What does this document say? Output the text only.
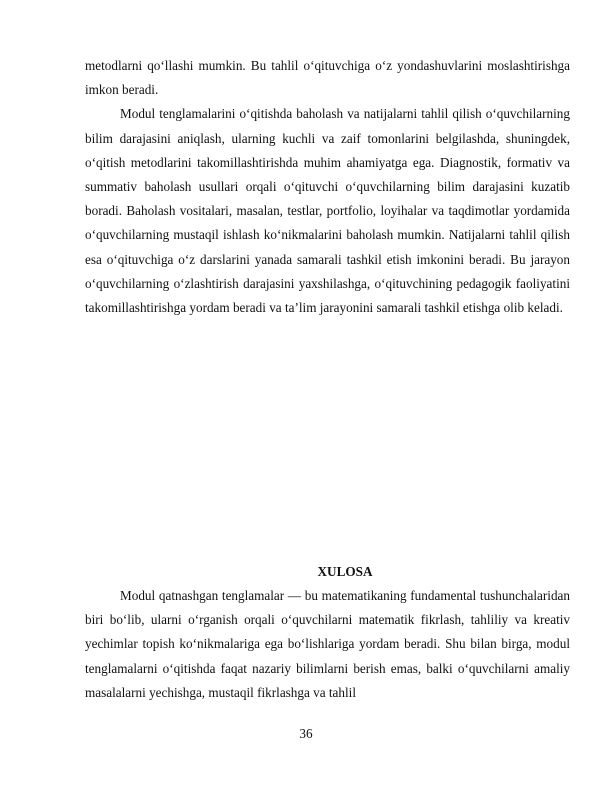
metodlarni qo‘llashi mumkin. Bu tahlil o‘qituvchiga o‘z yondashuvlarini moslashtirishga imkon beradi.

Modul tenglamalarini o‘qitishda baholash va natijalarni tahlil qilish o‘quvchilarning bilim darajasini aniqlash, ularning kuchli va zaif tomonlarini belgilashda, shuningdek, o‘qitish metodlarini takomillashtirishda muhim ahamiyatga ega. Diagnostik, formativ va summativ baholash usullari orqali o‘qituvchi o‘quvchilarning bilim darajasini kuzatib boradi. Baholash vositalari, masalan, testlar, portfolio, loyihalar va taqdimotlar yordamida o‘quvchilarning mustaqil ishlash ko‘nikmalarini baholash mumkin. Natijalarni tahlil qilish esa o‘qituvchiga o‘z darslarini yanada samarali tashkil etish imkonini beradi. Bu jarayon o‘quvchilarning o‘zlashtirish darajasini yaxshilashga, o‘qituvchining pedagogik faoliyatini takomillashtirishga yordam beradi va ta’lim jarayonini samarali tashkil etishga olib keladi.

XULOSA

Modul qatnashgan tenglamalar — bu matematikaning fundamental tushunchalaridan biri bo‘lib, ularni o‘rganish orqali o‘quvchilarni matematik fikrlash, tahliliy va kreativ yechimlar topish ko‘nikmalariga ega bo‘lishlariga yordam beradi. Shu bilan birga, modul tenglamalarni o‘qitishda faqat nazariy bilimlarni berish emas, balki o‘quvchilarni amaliy masalalarni yechishga, mustaqil fikrlashga va tahlil

36
